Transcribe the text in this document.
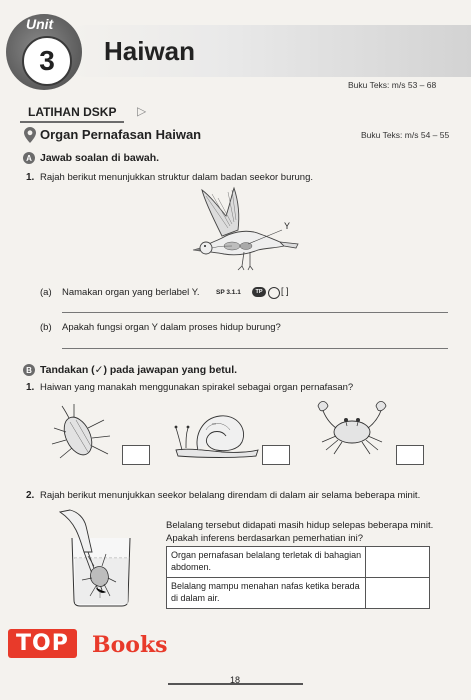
Unit
3	Haiwan
Buku Teks: m/s 53 – 68
LATIHAN DSKP ▷
Organ Pernafasan Haiwan	Buku Teks: m/s 54 – 55
A Jawab soalan di bawah.
1. Rajah berikut menunjukkan struktur dalam badan seekor burung.
Y
(a) Namakan organ yang berlabel Y.	SP 3.1.1	TP	[ ]
(b) Apakah fungsi organ Y dalam proses hidup burung?
B Tandakan (✓) pada jawapan yang betul.
1. Haiwan yang manakah menggunakan spirakel sebagai organ pernafasan?
2. Rajah berikut menunjukkan seekor belalang direndam di dalam air selama beberapa minit.
Belalang tersebut didapati masih hidup selepas beberapa minit. Apakah inferens berdasarkan pemerhatian ini?
Organ pernafasan belalang terletak di bahagian abdomen.	
Belalang mampu menahan nafas ketika berada di dalam air.	
18
TOP	Books
